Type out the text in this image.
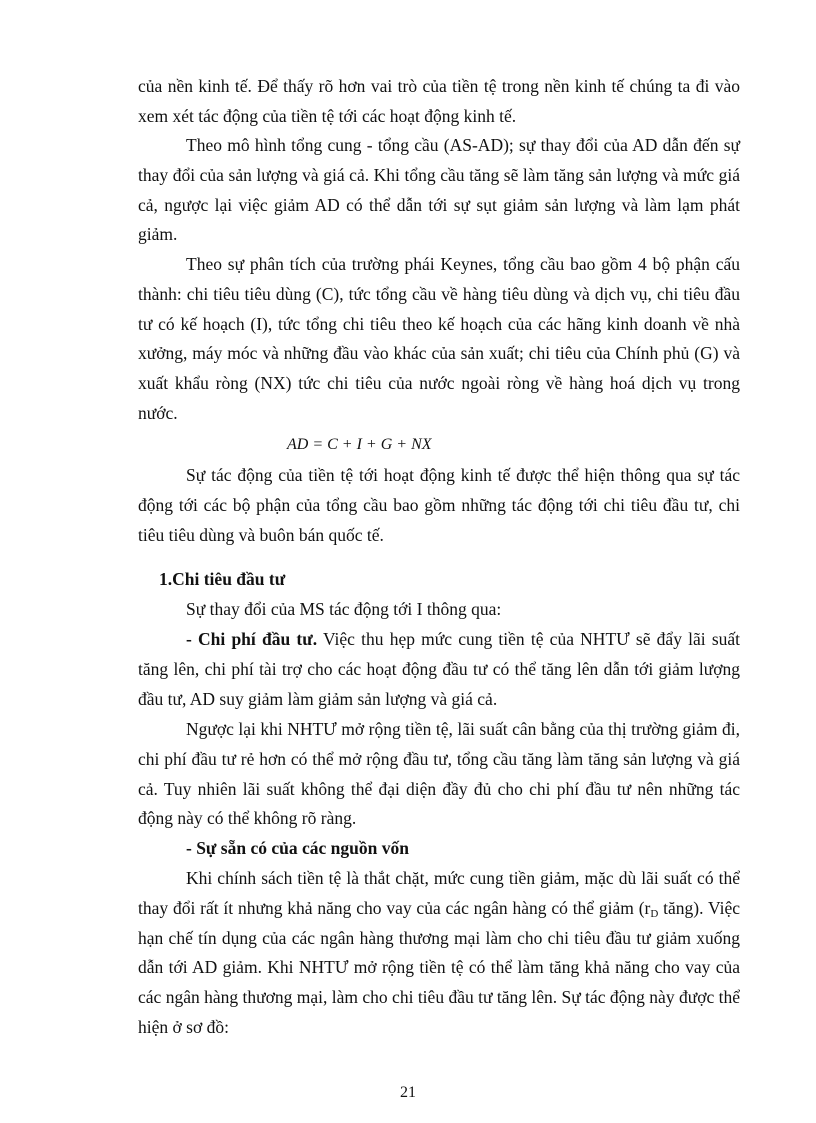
của nền kinh tế. Để thấy rõ hơn vai trò của tiền tệ trong nền kinh tế chúng ta đi vào xem xét tác động của tiền tệ tới các hoạt động kinh tế.

Theo mô hình tổng cung - tổng cầu (AS-AD); sự thay đổi của AD dẫn đến sự thay đổi của sản lượng và giá cả. Khi tổng cầu tăng sẽ làm tăng sản lượng và mức giá cả, ngược lại việc giảm AD có thể dẫn tới sự sụt giảm sản lượng và làm lạm phát giảm.

Theo sự phân tích của trường phái Keynes, tổng cầu bao gồm 4 bộ phận cấu thành: chi tiêu tiêu dùng (C), tức tổng cầu về hàng tiêu dùng và dịch vụ, chi tiêu đầu tư có kế hoạch (I), tức tổng chi tiêu theo kế hoạch của các hãng kinh doanh về nhà xưởng, máy móc và những đầu vào khác của sản xuất; chi tiêu của Chính phủ (G) và xuất khẩu ròng (NX) tức chi tiêu của nước ngoài ròng về hàng hoá dịch vụ trong nước.

AD = C + I + G + NX

Sự tác động của tiền tệ tới hoạt động kinh tế được thể hiện thông qua sự tác động tới các bộ phận của tổng cầu bao gồm những tác động tới chi tiêu đầu tư, chi tiêu tiêu dùng và buôn bán quốc tế.

1.Chi tiêu đầu tư

Sự thay đổi của MS tác động tới I thông qua:

- Chi phí đầu tư. Việc thu hẹp mức cung tiền tệ của NHTƯ sẽ đẩy lãi suất tăng lên, chi phí tài trợ cho các hoạt động đầu tư có thể tăng lên dẫn tới giảm lượng đầu tư, AD suy giảm làm giảm sản lượng và giá cả.

Ngược lại khi NHTƯ mở rộng tiền tệ, lãi suất cân bằng của thị trường giảm đi, chi phí đầu tư rẻ hơn có thể mở rộng đầu tư, tổng cầu tăng làm tăng sản lượng và giá cả. Tuy nhiên lãi suất không thể đại diện đầy đủ cho chi phí đầu tư nên những tác động này có thể không rõ ràng.

- Sự sẵn có của các nguồn vốn

Khi chính sách tiền tệ là thắt chặt, mức cung tiền giảm, mặc dù lãi suất có thể thay đổi rất ít nhưng khả năng cho vay của các ngân hàng có thể giảm ($r_D$ tăng). Việc hạn chế tín dụng của các ngân hàng thương mại làm cho chi tiêu đầu tư giảm xuống dẫn tới AD giảm. Khi NHTƯ mở rộng tiền tệ có thể làm tăng khả năng cho vay của các ngân hàng thương mại, làm cho chi tiêu đầu tư tăng lên. Sự tác động này được thể hiện ở sơ đồ:

21
